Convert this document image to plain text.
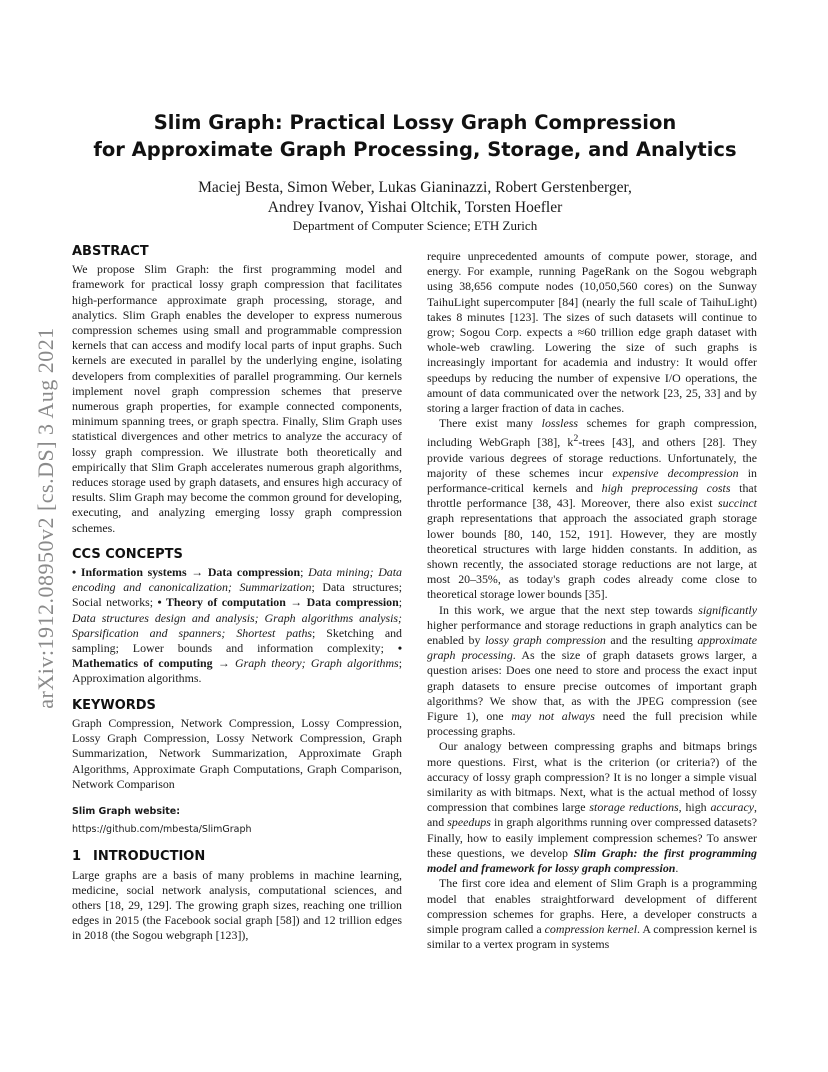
arXiv:1912.08950v2 [cs.DS] 3 Aug 2021
Slim Graph: Practical Lossy Graph Compression
for Approximate Graph Processing, Storage, and Analytics
Maciej Besta, Simon Weber, Lukas Gianinazzi, Robert Gerstenberger,
Andrey Ivanov, Yishai Oltchik, Torsten Hoefler
Department of Computer Science; ETH Zurich
ABSTRACT

We propose Slim Graph: the first programming model and framework for practical lossy graph compression that facilitates high-performance approximate graph processing, storage, and analytics. Slim Graph enables the developer to express numerous compression schemes using small and programmable compression kernels that can access and modify local parts of input graphs. Such kernels are executed in parallel by the underlying engine, isolating developers from complexities of parallel programming. Our kernels implement novel graph compression schemes that preserve numerous graph properties, for example connected components, minimum spanning trees, or graph spectra. Finally, Slim Graph uses statistical divergences and other metrics to analyze the accuracy of lossy graph compression. We illustrate both theoretically and empirically that Slim Graph accelerates numerous graph algorithms, reduces storage used by graph datasets, and ensures high accuracy of results. Slim Graph may become the common ground for developing, executing, and analyzing emerging lossy graph compression schemes.

CCS CONCEPTS

• Information systems → Data compression; Data mining; Data encoding and canonicalization; Summarization; Data structures; Social networks; • Theory of computation → Data compression; Data structures design and analysis; Graph algorithms analysis; Sparsification and spanners; Shortest paths; Sketching and sampling; Lower bounds and information complexity; • Mathematics of computing → Graph theory; Graph algorithms; Approximation algorithms.

KEYWORDS

Graph Compression, Network Compression, Lossy Compression, Lossy Graph Compression, Lossy Network Compression, Graph Summarization, Network Summarization, Approximate Graph Algorithms, Approximate Graph Computations, Graph Comparison, Network Comparison

Slim Graph website:
https://github.com/mbesta/SlimGraph
1 INTRODUCTION

Large graphs are a basis of many problems in machine learning, medicine, social network analysis, computational sciences, and others [18, 29, 129]. The growing graph sizes, reaching one trillion edges in 2015 (the Facebook social graph [58]) and 12 trillion edges in 2018 (the Sogou webgraph [123]),

require unprecedented amounts of compute power, storage, and energy. For example, running PageRank on the Sogou webgraph using 38,656 compute nodes (10,050,560 cores) on the Sunway TaihuLight supercomputer [84] (nearly the full scale of TaihuLight) takes 8 minutes [123]. The sizes of such datasets will continue to grow; Sogou Corp. expects a ≈60 trillion edge graph dataset with whole-web crawling. Lowering the size of such graphs is increasingly important for academia and industry: It would offer speedups by reducing the number of expensive I/O operations, the amount of data communicated over the network [23, 25, 33] and by storing a larger fraction of data in caches.

There exist many lossless schemes for graph compression, including WebGraph [38], $k^2$-trees [43], and others [28]. They provide various degrees of storage reductions. Unfortunately, the majority of these schemes incur expensive decompression in performance-critical kernels and high preprocessing costs that throttle performance [38, 43]. Moreover, there also exist succinct graph representations that approach the associated graph storage lower bounds [80, 140, 152, 191]. However, they are mostly theoretical structures with large hidden constants. In addition, as shown recently, the associated storage reductions are not large, at most 20–35%, as today's graph codes already come close to theoretical storage lower bounds [35].

In this work, we argue that the next step towards significantly higher performance and storage reductions in graph analytics can be enabled by lossy graph compression and the resulting approximate graph processing. As the size of graph datasets grows larger, a question arises: Does one need to store and process the exact input graph datasets to ensure precise outcomes of important graph algorithms? We show that, as with the JPEG compression (see Figure 1), one may not always need the full precision while processing graphs.

Our analogy between compressing graphs and bitmaps brings more questions. First, what is the criterion (or criteria?) of the accuracy of lossy graph compression? It is no longer a simple visual similarity as with bitmaps. Next, what is the actual method of lossy compression that combines large storage reductions, high accuracy, and speedups in graph algorithms running over compressed datasets? Finally, how to easily implement compression schemes? To answer these questions, we develop Slim Graph: the first programming model and framework for lossy graph compression.

The first core idea and element of Slim Graph is a programming model that enables straightforward development of different compression schemes for graphs. Here, a developer constructs a simple program called a compression kernel. A compression kernel is similar to a vertex program in systems
